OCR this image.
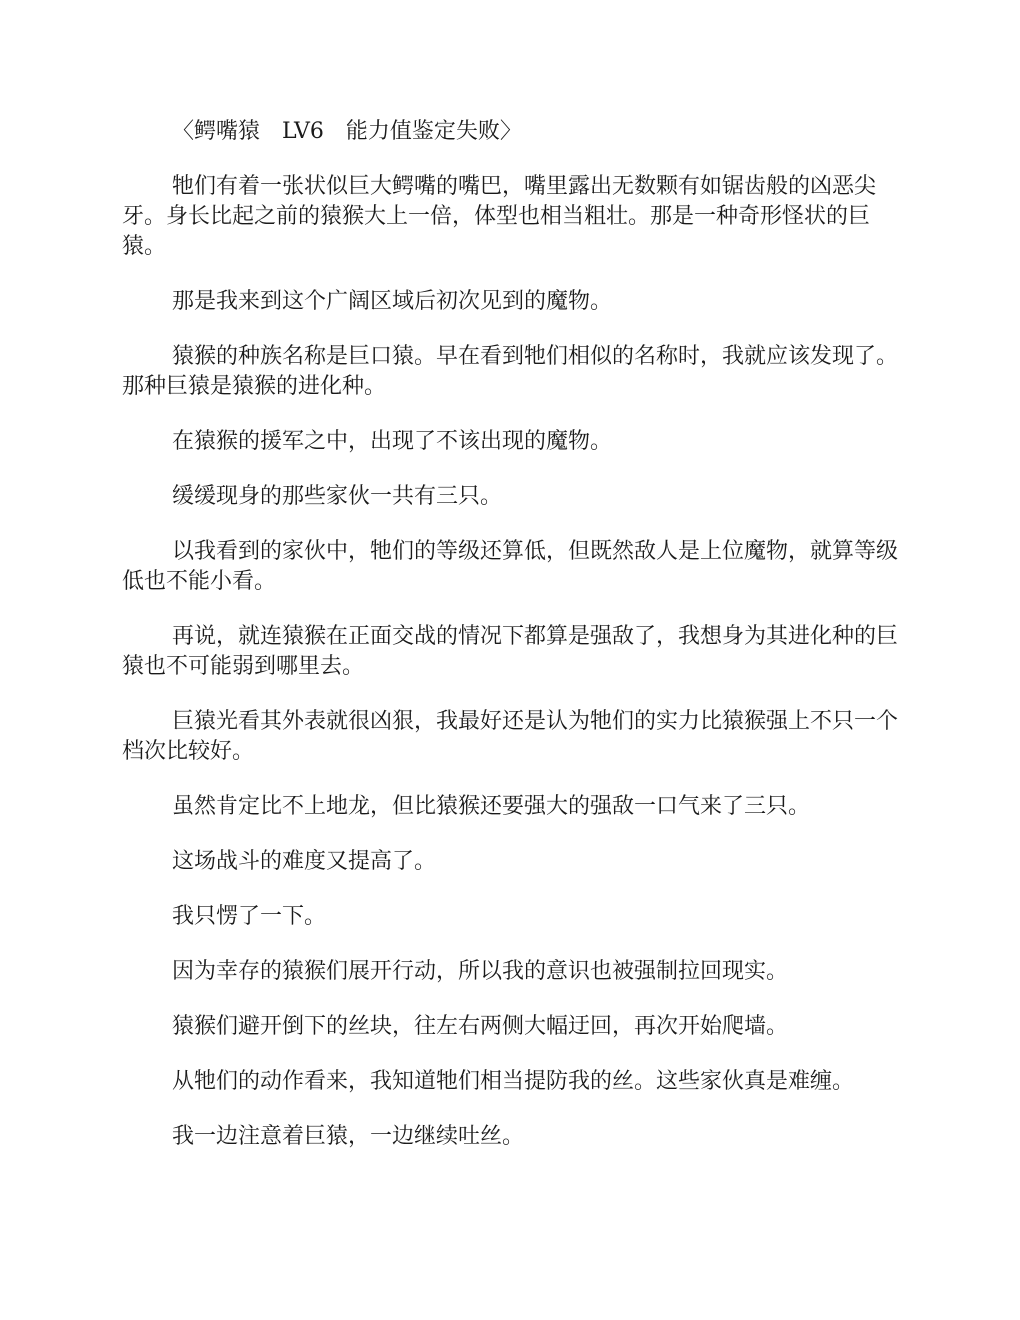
〈鳄嘴猿　LV6　能力值鉴定失败〉

牠们有着一张状似巨大鳄嘴的嘴巴，嘴里露出无数颗有如锯齿般的凶恶尖牙。身长比起之前的猿猴大上一倍，体型也相当粗壮。那是一种奇形怪状的巨猿。

那是我来到这个广阔区域后初次见到的魔物。

猿猴的种族名称是巨口猿。早在看到牠们相似的名称时，我就应该发现了。那种巨猿是猿猴的进化种。

在猿猴的援军之中，出现了不该出现的魔物。

缓缓现身的那些家伙一共有三只。

以我看到的家伙中，牠们的等级还算低，但既然敌人是上位魔物，就算等级低也不能小看。

再说，就连猿猴在正面交战的情况下都算是强敌了，我想身为其进化种的巨猿也不可能弱到哪里去。

巨猿光看其外表就很凶狠，我最好还是认为牠们的实力比猿猴强上不只一个档次比较好。

虽然肯定比不上地龙，但比猿猴还要强大的强敌一口气来了三只。

这场战斗的难度又提高了。

我只愣了一下。

因为幸存的猿猴们展开行动，所以我的意识也被强制拉回现实。

猿猴们避开倒下的丝块，往左右两侧大幅迂回，再次开始爬墙。

从牠们的动作看来，我知道牠们相当提防我的丝。这些家伙真是难缠。

我一边注意着巨猿，一边继续吐丝。
